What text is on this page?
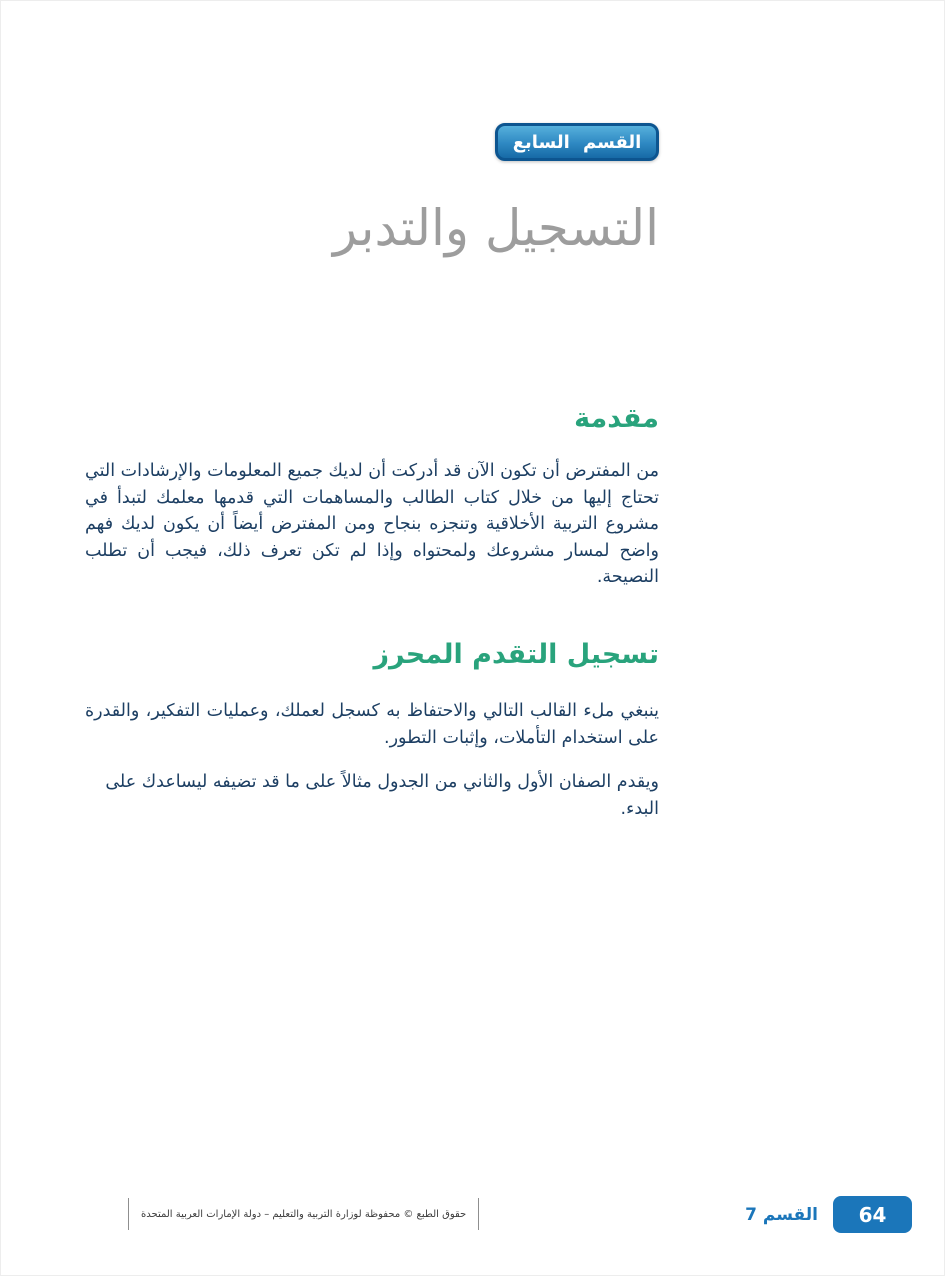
القسم السابع
التسجيل والتدبر
مقدمة

من المفترض أن تكون الآن قد أدركت أن لديك جميع المعلومات والإرشادات التي تحتاج إليها من خلال كتاب الطالب والمساهمات التي قدمها معلمك لتبدأ في مشروع التربية الأخلاقية وتنجزه بنجاح ومن المفترض أيضاً أن يكون لديك فهم واضح لمسار مشروعك ولمحتواه وإذا لم تكن تعرف ذلك، فيجب أن تطلب النصيحة.

تسجيل التقدم المحرز

ينبغي ملء القالب التالي والاحتفاظ به كسجل لعملك، وعمليات التفكير، والقدرة على استخدام التأملات، وإثبات التطور.

ويقدم الصفان الأول والثاني من الجدول مثالاً على ما قد تضيفه ليساعدك على البدء.

حقوق الطبع © محفوظة لوزارة التربية والتعليم – دولة الإمارات العربية المتحدة	القسم 7	64
